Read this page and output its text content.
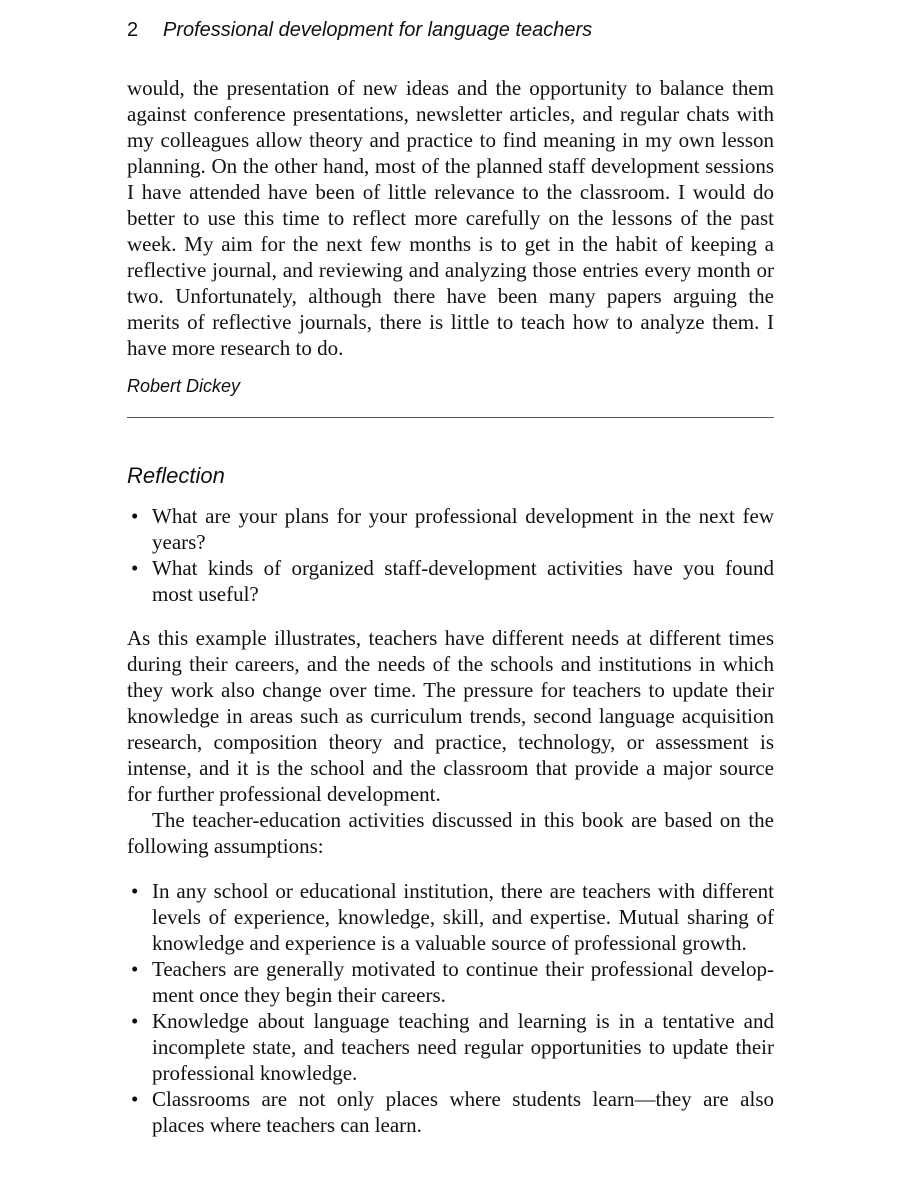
2 Professional development for language teachers

would, the presentation of new ideas and the opportunity to balance them against conference presentations, newsletter articles, and regular chats with my colleagues allow theory and practice to find meaning in my own lesson planning. On the other hand, most of the planned staff development sessions I have attended have been of little relevance to the classroom. I would do better to use this time to reflect more carefully on the lessons of the past week. My aim for the next few months is to get in the habit of keeping a reflective journal, and reviewing and analyzing those entries every month or two. Unfortunately, although there have been many papers arguing the merits of reflective journals, there is little to teach how to analyze them. I have more research to do.

Robert Dickey
Reflection
• What are your plans for your professional development in the next few years?
• What kinds of organized staff-development activities have you found most useful?

As this example illustrates, teachers have different needs at different times during their careers, and the needs of the schools and institutions in which they work also change over time. The pressure for teachers to update their knowledge in areas such as curriculum trends, second language acquisition research, composition theory and practice, technology, or assessment is intense, and it is the school and the classroom that provide a major source for further professional development.

The teacher-education activities discussed in this book are based on the following assumptions:

• In any school or educational institution, there are teachers with different levels of experience, knowledge, skill, and expertise. Mutual sharing of knowledge and experience is a valuable source of professional growth.
• Teachers are generally motivated to continue their professional development once they begin their careers.
• Knowledge about language teaching and learning is in a tentative and incomplete state, and teachers need regular opportunities to update their professional knowledge.
• Classrooms are not only places where students learn—they are also places where teachers can learn.
